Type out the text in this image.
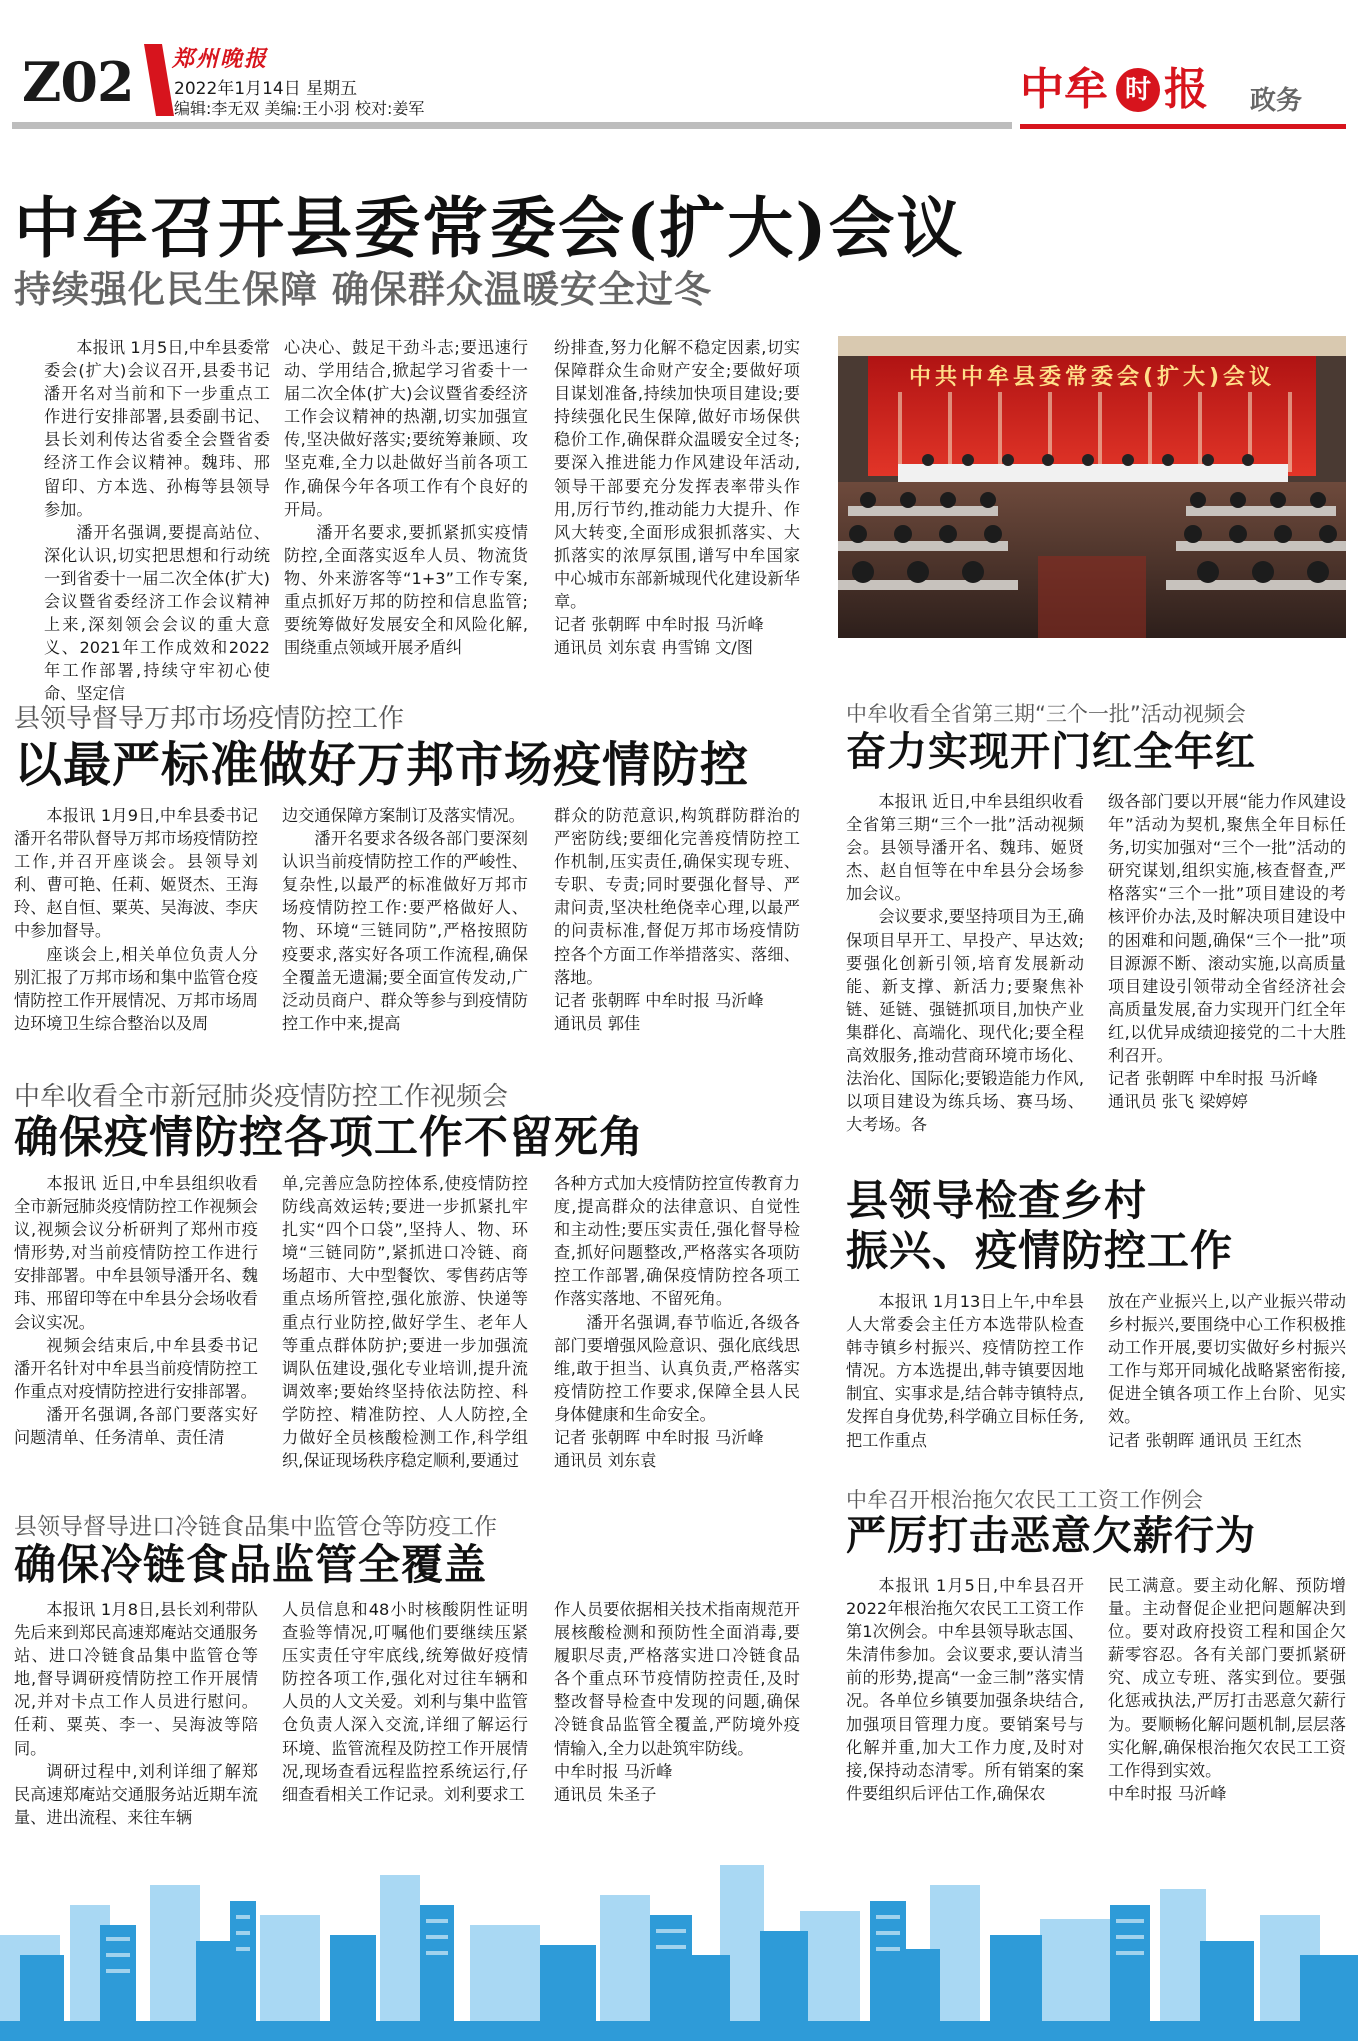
Z02 郑州晚报
2022年1月14日 星期五
编辑:李无双 美编:王小羽 校对:姜军	中牟 时 报 政务
中牟召开县委常委会(扩大)会议
持续强化民生保障 确保群众温暖安全过冬

本报讯 1月5日,中牟县委常委会(扩大)会议召开,县委书记潘开名对当前和下一步重点工作进行安排部署,县委副书记、县长刘利传达省委全会暨省委经济工作会议精神。魏玮、邢留印、方本选、孙梅等县领导参加。

潘开名强调,要提高站位、深化认识,切实把思想和行动统一到省委十一届二次全体(扩大)会议暨省委经济工作会议精神上来,深刻领会会议的重大意义、2021年工作成效和2022年工作部署,持续守牢初心使命、坚定信

心决心、鼓足干劲斗志;要迅速行动、学用结合,掀起学习省委十一届二次全体(扩大)会议暨省委经济工作会议精神的热潮,切实加强宣传,坚决做好落实;要统筹兼顾、攻坚克难,全力以赴做好当前各项工作,确保今年各项工作有个良好的开局。

潘开名要求,要抓紧抓实疫情防控,全面落实返牟人员、物流货物、外来游客等“1+3”工作专案,重点抓好万邦的防控和信息监管;要统筹做好发展安全和风险化解,围绕重点领域开展矛盾纠

纷排查,努力化解不稳定因素,切实保障群众生命财产安全;要做好项目谋划准备,持续加快项目建设;要持续强化民生保障,做好市场保供稳价工作,确保群众温暖安全过冬;要深入推进能力作风建设年活动,领导干部要充分发挥表率带头作用,厉行节约,推动能力大提升、作风大转变,全面形成狠抓落实、大抓落实的浓厚氛围,谱写中牟国家中心城市东部新城现代化建设新华章。

记者 张朝晖 中牟时报 马沂峰

通讯员 刘东袁 冉雪锦 文/图

中共中牟县委常委会(扩大)会议
县领导督导万邦市场疫情防控工作
以最严标准做好万邦市场疫情防控

本报讯 1月9日,中牟县委书记潘开名带队督导万邦市场疫情防控工作,并召开座谈会。县领导刘利、曹可艳、任莉、姬贤杰、王海玲、赵自恒、粟英、吴海波、李庆中参加督导。

座谈会上,相关单位负责人分别汇报了万邦市场和集中监管仓疫情防控工作开展情况、万邦市场周边环境卫生综合整治以及周

边交通保障方案制订及落实情况。

潘开名要求各级各部门要深刻认识当前疫情防控工作的严峻性、复杂性,以最严的标准做好万邦市场疫情防控工作:要严格做好人、物、环境“三链同防”,严格按照防疫要求,落实好各项工作流程,确保全覆盖无遗漏;要全面宣传发动,广泛动员商户、群众等参与到疫情防控工作中来,提高

群众的防范意识,构筑群防群治的严密防线;要细化完善疫情防控工作机制,压实责任,确保实现专班、专职、专责;同时要强化督导、严肃问责,坚决杜绝侥幸心理,以最严的问责标准,督促万邦市场疫情防控各个方面工作举措落实、落细、落地。

记者 张朝晖 中牟时报 马沂峰

通讯员 郭佳

中牟收看全省第三期“三个一批”活动视频会
奋力实现开门红全年红

本报讯 近日,中牟县组织收看全省第三期“三个一批”活动视频会。县领导潘开名、魏玮、姬贤杰、赵自恒等在中牟县分会场参加会议。

会议要求,要坚持项目为王,确保项目早开工、早投产、早达效;要强化创新引领,培育发展新动能、新支撑、新活力;要聚焦补链、延链、强链抓项目,加快产业集群化、高端化、现代化;要全程高效服务,推动营商环境市场化、法治化、国际化;要锻造能力作风,以项目建设为练兵场、赛马场、大考场。各

级各部门要以开展“能力作风建设年”活动为契机,聚焦全年目标任务,切实加强对“三个一批”活动的研究谋划,组织实施,核查督查,严格落实“三个一批”项目建设的考核评价办法,及时解决项目建设中的困难和问题,确保“三个一批”项目源源不断、滚动实施,以高质量项目建设引领带动全省经济社会高质量发展,奋力实现开门红全年红,以优异成绩迎接党的二十大胜利召开。

记者 张朝晖 中牟时报 马沂峰

通讯员 张飞 梁婷婷

中牟收看全市新冠肺炎疫情防控工作视频会
确保疫情防控各项工作不留死角

本报讯 近日,中牟县组织收看全市新冠肺炎疫情防控工作视频会议,视频会议分析研判了郑州市疫情形势,对当前疫情防控工作进行安排部署。中牟县领导潘开名、魏玮、邢留印等在中牟县分会场收看会议实况。

视频会结束后,中牟县委书记潘开名针对中牟县当前疫情防控工作重点对疫情防控进行安排部署。

潘开名强调,各部门要落实好问题清单、任务清单、责任清

单,完善应急防控体系,使疫情防控防线高效运转;要进一步抓紧扎牢扎实“四个口袋”,坚持人、物、环境“三链同防”,紧抓进口冷链、商场超市、大中型餐饮、零售药店等重点场所管控,强化旅游、快递等重点行业防控,做好学生、老年人等重点群体防护;要进一步加强流调队伍建设,强化专业培训,提升流调效率;要始终坚持依法防控、科学防控、精准防控、人人防控,全力做好全员核酸检测工作,科学组织,保证现场秩序稳定顺利,要通过

各种方式加大疫情防控宣传教育力度,提高群众的法律意识、自觉性和主动性;要压实责任,强化督导检查,抓好问题整改,严格落实各项防控工作部署,确保疫情防控各项工作落实落地、不留死角。

潘开名强调,春节临近,各级各部门要增强风险意识、强化底线思维,敢于担当、认真负责,严格落实疫情防控工作要求,保障全县人民身体健康和生命安全。

记者 张朝晖 中牟时报 马沂峰

通讯员 刘东袁

县领导检查乡村
振兴、疫情防控工作

本报讯 1月13日上午,中牟县人大常委会主任方本选带队检查韩寺镇乡村振兴、疫情防控工作情况。方本选提出,韩寺镇要因地制宜、实事求是,结合韩寺镇特点,发挥自身优势,科学确立目标任务,把工作重点

放在产业振兴上,以产业振兴带动乡村振兴,要围绕中心工作积极推动工作开展,要切实做好乡村振兴工作与郑开同城化战略紧密衔接,促进全镇各项工作上台阶、见实效。

记者 张朝晖 通讯员 王红杰

县领导督导进口冷链食品集中监管仓等防疫工作
确保冷链食品监管全覆盖

本报讯 1月8日,县长刘利带队先后来到郑民高速郑庵站交通服务站、进口冷链食品集中监管仓等地,督导调研疫情防控工作开展情况,并对卡点工作人员进行慰问。任莉、粟英、李一、吴海波等陪同。

调研过程中,刘利详细了解郑民高速郑庵站交通服务站近期车流量、进出流程、来往车辆

人员信息和48小时核酸阴性证明查验等情况,叮嘱他们要继续压紧压实责任守牢底线,统筹做好疫情防控各项工作,强化对过往车辆和人员的人文关爱。刘利与集中监管仓负责人深入交流,详细了解运行环境、监管流程及防控工作开展情况,现场查看远程监控系统运行,仔细查看相关工作记录。刘利要求工

作人员要依据相关技术指南规范开展核酸检测和预防性全面消毒,要履职尽责,严格落实进口冷链食品各个重点环节疫情防控责任,及时整改督导检查中发现的问题,确保冷链食品监管全覆盖,严防境外疫情输入,全力以赴筑牢防线。

中牟时报 马沂峰

通讯员 朱圣子

中牟召开根治拖欠农民工工资工作例会
严厉打击恶意欠薪行为

本报讯 1月5日,中牟县召开2022年根治拖欠农民工工资工作第1次例会。中牟县领导耿志国、朱清伟参加。会议要求,要认清当前的形势,提高“一金三制”落实情况。各单位乡镇要加强条块结合,加强项目管理力度。要销案号与化解并重,加大工作力度,及时对接,保持动态清零。所有销案的案件要组织后评估工作,确保农

民工满意。要主动化解、预防增量。主动督促企业把问题解决到位。要对政府投资工程和国企欠薪零容忍。各有关部门要抓紧研究、成立专班、落实到位。要强化惩戒执法,严厉打击恶意欠薪行为。要顺畅化解问题机制,层层落实化解,确保根治拖欠农民工工资工作得到实效。

中牟时报 马沂峰
